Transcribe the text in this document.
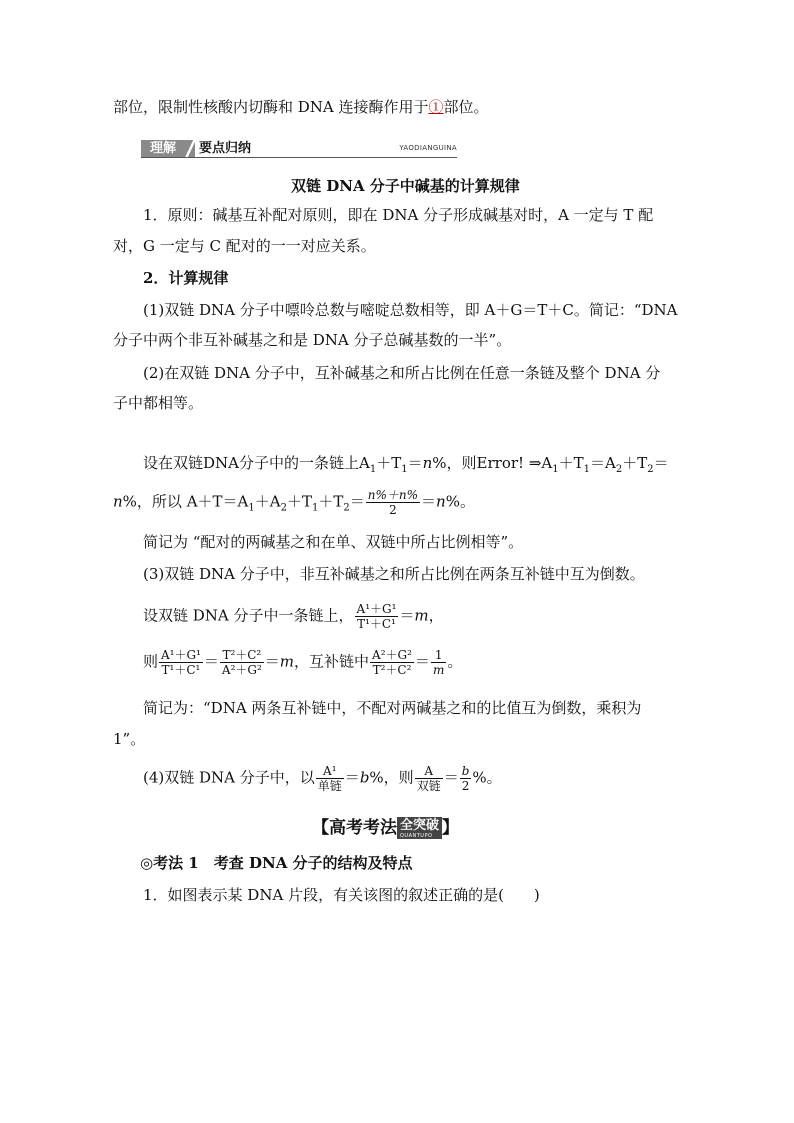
部位，限制性核酸内切酶和 DNA 连接酶作用于①部位。
理解	要点归纳	YAODIANGUINA
双链 DNA 分子中碱基的计算规律
1．原则：碱基互补配对原则，即在 DNA 分子形成碱基对时，A 一定与 T 配
对，G 一定与 C 配对的一一对应关系。
2．计算规律
(1)双链 DNA 分子中嘌呤总数与嘧啶总数相等，即 A＋G＝T＋C。简记：“DNA
分子中两个非互补碱基之和是 DNA 分子总碱基数的一半”。
(2)在双链 DNA 分子中，互补碱基之和所占比例在任意一条链及整个 DNA 分
子中都相等。
设在双链DNA分子中的一条链上$A_1+T_1=n\%$，则Error! $\Rightarrow A_1+T_1=A_2+T_2=$
n%，所以 $A+T=A_1+A_2+T_1+T_2= \frac{n\%+n\%}{2} =n\%$。
简记为 “配对的两碱基之和在单、双链中所占比例相等”。
(3)双链 DNA 分子中，非互补碱基之和所占比例在两条互补链中互为倒数。
设双链 DNA 分子中一条链上， $\frac{\text{A¹＋G¹}}{\text{T¹＋C¹}} =m$，
则 $\frac{\text{A¹＋G¹}}{\text{T¹＋C¹}} = \frac{\text{T²＋C²}}{\text{A²＋G²}} =m$，互补链中 $\frac{\text{A²＋G²}}{\text{T²＋C²}} = \frac{1}{m}$ 。
简记为：“DNA 两条互补链中，不配对两碱基之和的比值互为倒数，乘积为
1”。
(4)双链 DNA 分子中，以 $\frac{\text{A¹}}{\text{单链}} =b\%$，则 $\frac{A}{\text{双链}} = \frac{b}{2}$ %。
【高考考法 全突破
QUANTUPO 】
◎考法 1　考查 DNA 分子的结构及特点
1．如图表示某 DNA 片段，有关该图的叙述正确的是(　　)
